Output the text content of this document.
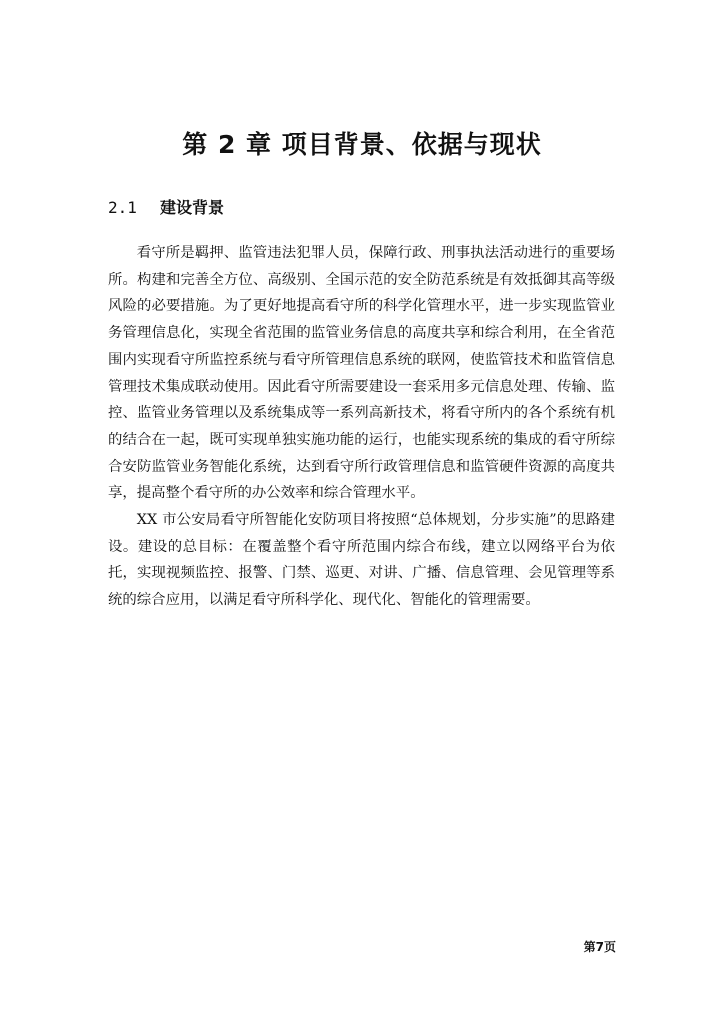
第 2 章 项目背景、依据与现状
2.1 建设背景

看守所是羁押、监管违法犯罪人员，保障行政、刑事执法活动进行的重要场所。构建和完善全方位、高级别、全国示范的安全防范系统是有效抵御其高等级风险的必要措施。为了更好地提高看守所的科学化管理水平，进一步实现监管业务管理信息化，实现全省范围的监管业务信息的高度共享和综合利用，在全省范围内实现看守所监控系统与看守所管理信息系统的联网，使监管技术和监管信息管理技术集成联动使用。因此看守所需要建设一套采用多元信息处理、传输、监控、监管业务管理以及系统集成等一系列高新技术，将看守所内的各个系统有机的结合在一起，既可实现单独实施功能的运行，也能实现系统的集成的看守所综合安防监管业务智能化系统，达到看守所行政管理信息和监管硬件资源的高度共享，提高整个看守所的办公效率和综合管理水平。

XX 市公安局看守所智能化安防项目将按照“总体规划，分步实施”的思路建设。建设的总目标：在覆盖整个看守所范围内综合布线，建立以网络平台为依托，实现视频监控、报警、门禁、巡更、对讲、广播、信息管理、会见管理等系统的综合应用，以满足看守所科学化、现代化、智能化的管理需要。

第7页
